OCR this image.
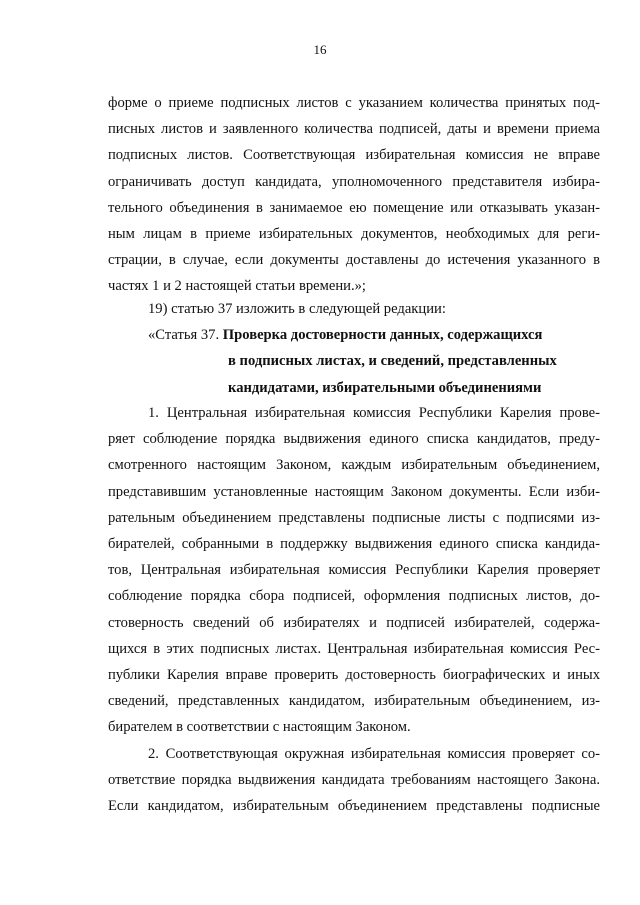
16
форме о приеме подписных листов с указанием количества принятых под-
писных листов и заявленного количества подписей, даты и времени приема
подписных листов. Соответствующая избирательная комиссия не вправе
ограничивать доступ кандидата, уполномоченного представителя избира-
тельного объединения в занимаемое ею помещение или отказывать указан-
ным лицам в приеме избирательных документов, необходимых для реги-
страции, в случае, если документы доставлены до истечения указанного в
частях 1 и 2 настоящей статьи времени.»;
19) статью 37 изложить в следующей редакции:
«Статья 37. Проверка достоверности данных, содержащихся
в подписных листах, и сведений, представленных
кандидатами, избирательными объединениями
1. Центральная избирательная комиссия Республики Карелия прове-
ряет соблюдение порядка выдвижения единого списка кандидатов, преду-
смотренного настоящим Законом, каждым избирательным объединением,
представившим установленные настоящим Законом документы. Если изби-
рательным объединением представлены подписные листы с подписями из-
бирателей, собранными в поддержку выдвижения единого списка кандида-
тов, Центральная избирательная комиссия Республики Карелия проверяет
соблюдение порядка сбора подписей, оформления подписных листов, до-
стоверность сведений об избирателях и подписей избирателей, содержа-
щихся в этих подписных листах. Центральная избирательная комиссия Рес-
публики Карелия вправе проверить достоверность биографических и иных
сведений, представленных кандидатом, избирательным объединением, из-
бирателем в соответствии с настоящим Законом.
2. Соответствующая окружная избирательная комиссия проверяет со-
ответствие порядка выдвижения кандидата требованиям настоящего Закона.
Если кандидатом, избирательным объединением представлены подписные
